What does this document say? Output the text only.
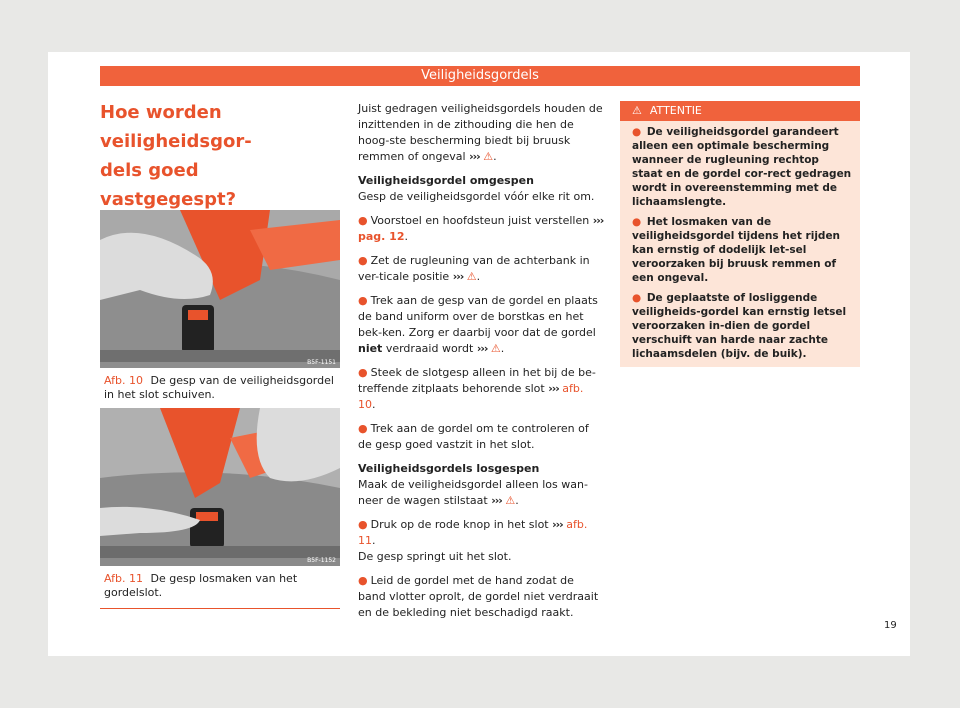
Veiligheidsgordels
Hoe worden veiligheidsgor-
dels goed vastgegespt?

B5F-1151
Afb. 10 De gesp van de veiligheidsgordel in het slot schuiven.
B5F-1152
Afb. 11 De gesp losmaken van het gordelslot.

Juist gedragen veiligheidsgordels houden de inzittenden in de zithouding die hen de hoog-ste bescherming biedt bij bruusk remmen of ongeval ››› ⚠.

Veiligheidsgordel omgespen

Gesp de veiligheidsgordel vóór elke rit om.

● Voorstoel en hoofdsteun juist verstellen ››› pag. 12.

● Zet de rugleuning van de achterbank in ver-ticale positie ››› ⚠.

● Trek aan de gesp van de gordel en plaats de band uniform over de borstkas en het bek-ken. Zorg er daarbij voor dat de gordel niet verdraaid wordt ››› ⚠.

● Steek de slotgesp alleen in het bij de be-treffende zitplaats behorende slot ››› afb. 10.

● Trek aan de gordel om te controleren of de gesp goed vastzit in het slot.

Veiligheidsgordels losgespen

Maak de veiligheidsgordel alleen los wan-neer de wagen stilstaat ››› ⚠.

● Druk op de rode knop in het slot ››› afb. 11.
De gesp springt uit het slot.

● Leid de gordel met de hand zodat de band vlotter oprolt, de gordel niet verdraait en de bekleding niet beschadigd raakt.

⚠ ATTENTIE
● De veiligheidsgordel garandeert alleen een optimale bescherming wanneer de rugleuning rechtop staat en de gordel cor-rect gedragen wordt in overeenstemming met de lichaamslengte.
● Het losmaken van de veiligheidsgordel tijdens het rijden kan ernstig of dodelijk let-sel veroorzaken bij bruusk remmen of een ongeval.
● De geplaatste of losliggende veiligheids-gordel kan ernstig letsel veroorzaken in-dien de gordel verschuift van harde naar zachte lichaamsdelen (bijv. de buik).
19
